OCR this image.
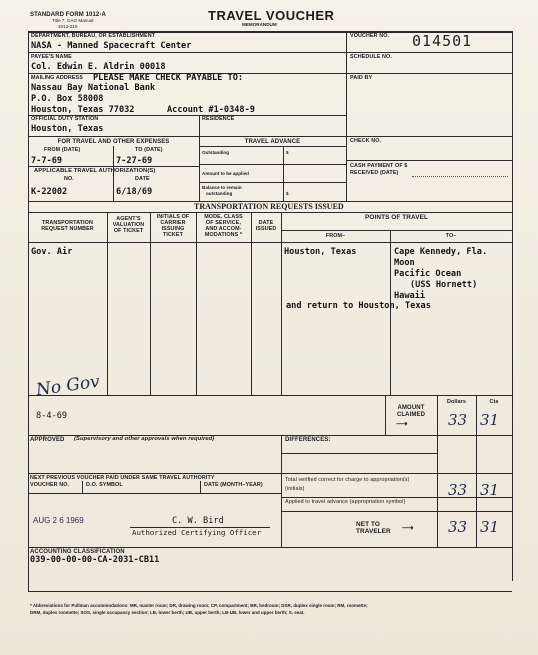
STANDARD FORM 1012-A
Title 7, GAO Manual
1012-210
TRAVEL VOUCHER
MEMORANDUM
DEPARTMENT, BUREAU, OR ESTABLISHMENT
NASA - Manned Spacecraft Center
VOUCHER NO. 014501
PAYEE'S NAME
Col. Edwin E. Aldrin 00018
SCHEDULE NO.
MAILING ADDRESS PLEASE MAKE CHECK PAYABLE TO:
Nassau Bay National Bank
P.O. Box 58008
Houston, Texas 77032	Account #1-0348-9
PAID BY
OFFICIAL DUTY STATION
Houston, Texas
RESIDENCE
FOR TRAVEL AND OTHER EXPENSES
FROM (DATE)	TO (DATE)
7-7-69	7-27-69
TRAVEL ADVANCE
Outstanding	$
Amount to be applied
Balance to remain
outstanding	$
CHECK NO.
CASH PAYMENT OF $
RECEIVED (DATE)
APPLICABLE TRAVEL AUTHORIZATION(S)
NO.	DATE
K-22002	6/18/69
TRANSPORTATION REQUESTS ISSUED
TRANSPORTATION
REQUEST NUMBER
AGENT'S
VALUATION
OF TICKET
INITIALS OF
CARRIER
ISSUING
TICKET
MODE, CLASS
OF SERVICE,
AND ACCOM-
MODATIONS *
DATE
ISSUED
POINTS OF TRAVEL
FROM–	TO–
Gov. Air	Houston, Texas	Cape Kennedy, Fla.
Moon
Pacific Ocean
(USS Hornett)
Hawaii
and return to Houston, Texas
No Gov
8-4-69
AMOUNT
CLAIMED
⟶
Dollars	Cts
33 31
APPROVED (Supervisory and other approvals when required)	DIFFERENCES:
NEXT PREVIOUS VOUCHER PAID UNDER SAME TRAVEL AUTHORITY
VOUCHER NO.	D.O. SYMBOL	DATE (MONTH–YEAR)
Total verified correct for charge to appropriation(s)
(initials)	33 31
Applied to travel advance (appropriation symbol)
AUG 2 6 1969	C. W. Bird
Authorized Certifying Officer
NET TO
TRAVELER ⟶ 33 31
ACCOUNTING CLASSIFICATION
039-00-00-00-CA-2031-CB11
* Abbreviations for Pullman accommodations: MR, master room; DR, drawing room; CP, compartment; BR, bedroom; DSR, duplex single room; RM, roomette;
DRM, duplex roomette; SOS, single occupancy section; LB, lower berth; UB, upper berth; LB-UB, lower and upper berth; S, seat.
